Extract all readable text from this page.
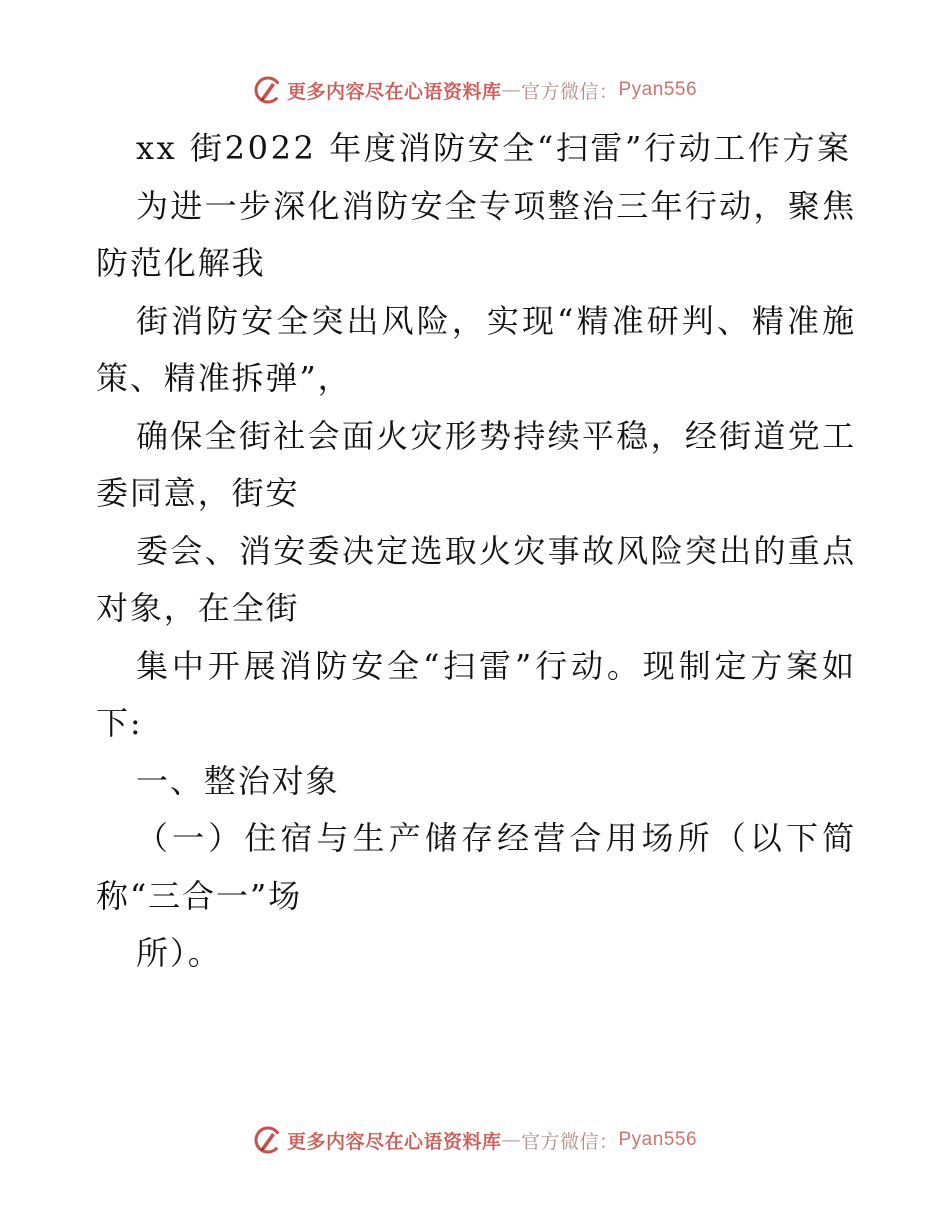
更多内容尽在心语资料库 — 官方微信： Pyan556

xx 街2022 年度消防安全“扫雷”行动工作方案

为进一步深化消防安全专项整治三年行动，聚焦防范化解我

街消防安全突出风险，实现“精准研判、精准施策、精准拆弹”，

确保全街社会面火灾形势持续平稳，经街道党工委同意，街安

委会、消安委决定选取火灾事故风险突出的重点对象，在全街

集中开展消防安全“扫雷”行动。现制定方案如下:

一、整治对象

（一）住宿与生产储存经营合用场所（以下简称“三合一”场

所）。

更多内容尽在心语资料库 — 官方微信： Pyan556
